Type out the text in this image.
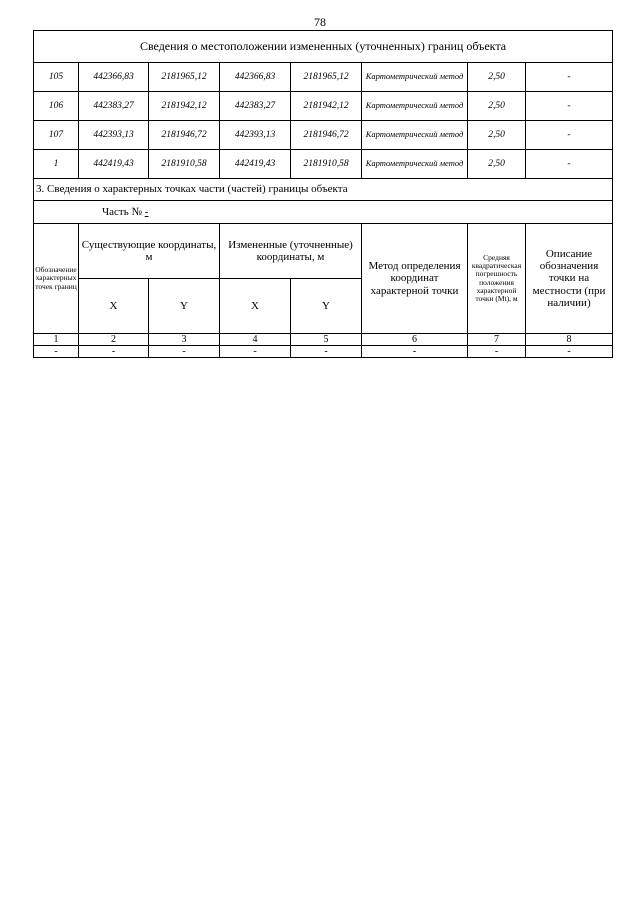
78
Сведения о местоположении измененных (уточненных) границ объекта							
105	442366,83	2181965,12	442366,83	2181965,12	Картометрический метод	2,50	-
106	442383,27	2181942,12	442383,27	2181942,12	Картометрический метод	2,50	-
107	442393,13	2181946,72	442393,13	2181946,72	Картометрический метод	2,50	-
1	442419,43	2181910,58	442419,43	2181910,58	Картометрический метод	2,50	-
3. Сведения о характерных точках части (частей) границы объекта							
Часть № -							
Обозначение характерных точек границ	Существующие координаты, м		Измененные (уточненные) координаты, м		Метод определения координат характерной точки	Средняя квадратическая погрешность положения характерной точки (Mt), м	Описание обозначения точки на местности (при наличии)
	X	Y	X	Y			
1	2	3	4	5	6	7	8
-	-	-	-	-	-	-	-
